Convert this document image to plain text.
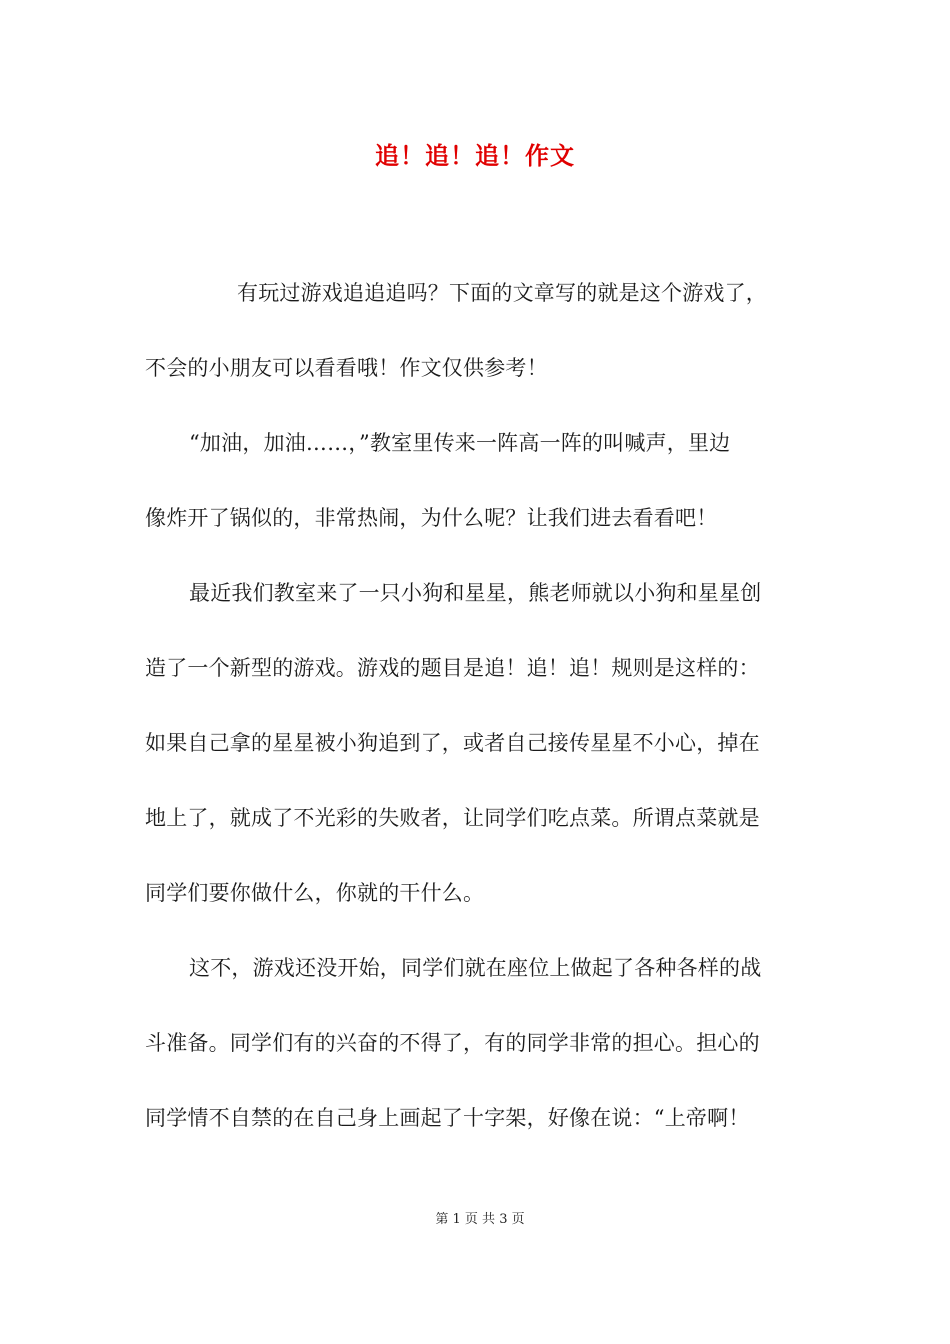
追！追！追！作文
有玩过游戏追追追吗？下面的文章写的就是这个游戏了，
不会的小朋友可以看看哦！作文仅供参考！
“加油，加油……，”教室里传来一阵高一阵的叫喊声，里边
像炸开了锅似的，非常热闹，为什么呢？让我们进去看看吧！
最近我们教室来了一只小狗和星星，熊老师就以小狗和星星创
造了一个新型的游戏。游戏的题目是追！追！追！规则是这样的：
如果自己拿的星星被小狗追到了，或者自己接传星星不小心，掉在
地上了，就成了不光彩的失败者，让同学们吃点菜。所谓点菜就是
同学们要你做什么，你就的干什么。
这不，游戏还没开始，同学们就在座位上做起了各种各样的战
斗准备。同学们有的兴奋的不得了，有的同学非常的担心。担心的
同学情不自禁的在自己身上画起了十字架，好像在说：“上帝啊！
第 1 页 共 3 页
